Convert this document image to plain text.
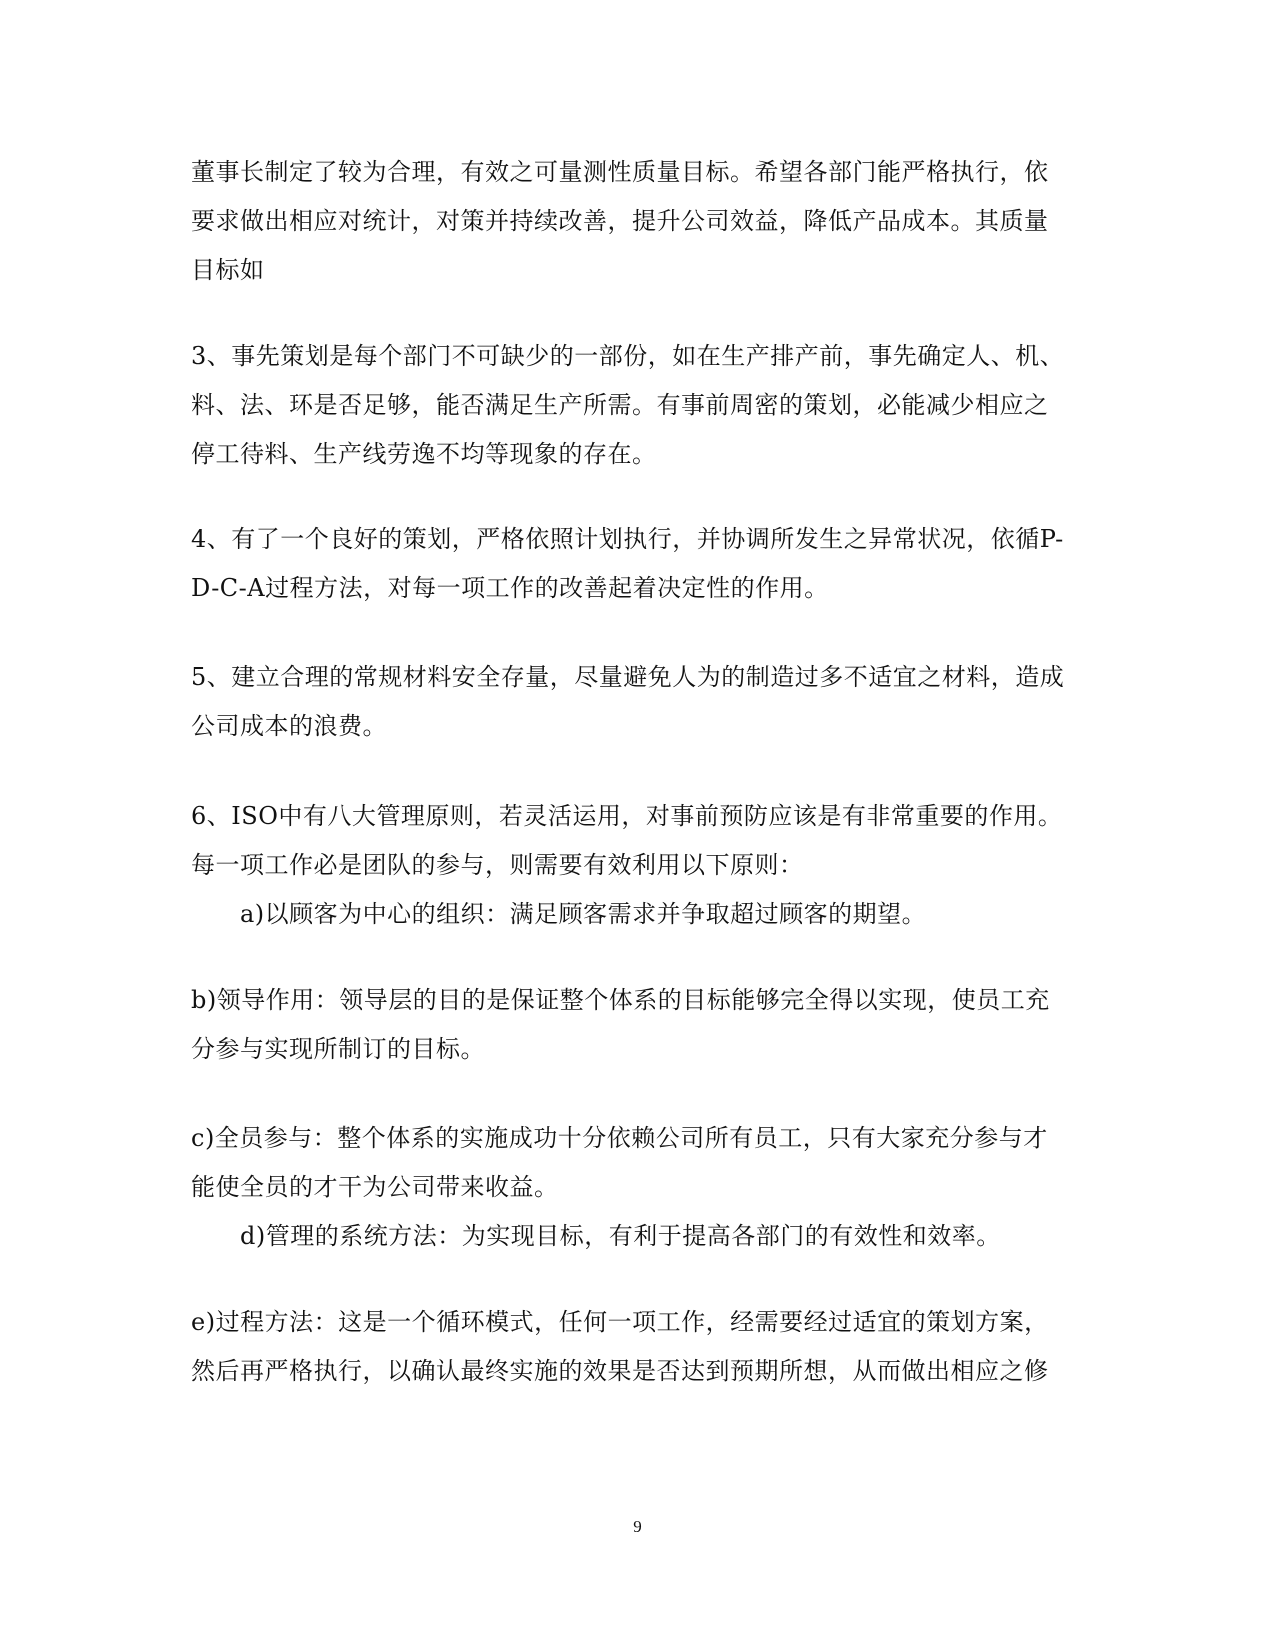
董事长制定了较为合理，有效之可量测性质量目标。希望各部门能严格执行，依
要求做出相应对统计，对策并持续改善，提升公司效益，降低产品成本。其质量
目标如

3、事先策划是每个部门不可缺少的一部份，如在生产排产前，事先确定人、机、
料、法、环是否足够，能否满足生产所需。有事前周密的策划，必能减少相应之
停工待料、生产线劳逸不均等现象的存在。

4、有了一个良好的策划，严格依照计划执行，并协调所发生之异常状况，依循P-
D-C-A过程方法，对每一项工作的改善起着决定性的作用。

5、建立合理的常规材料安全存量，尽量避免人为的制造过多不适宜之材料，造成
公司成本的浪费。

6、ISO中有八大管理原则，若灵活运用，对事前预防应该是有非常重要的作用。
每一项工作必是团队的参与，则需要有效利用以下原则：
a)以顾客为中心的组织：满足顾客需求并争取超过顾客的期望。

b)领导作用：领导层的目的是保证整个体系的目标能够完全得以实现，使员工充
分参与实现所制订的目标。

c)全员参与：整个体系的实施成功十分依赖公司所有员工，只有大家充分参与才
能使全员的才干为公司带来收益。
d)管理的系统方法：为实现目标，有利于提高各部门的有效性和效率。

e)过程方法：这是一个循环模式，任何一项工作，经需要经过适宜的策划方案，
然后再严格执行，以确认最终实施的效果是否达到预期所想，从而做出相应之修

9
